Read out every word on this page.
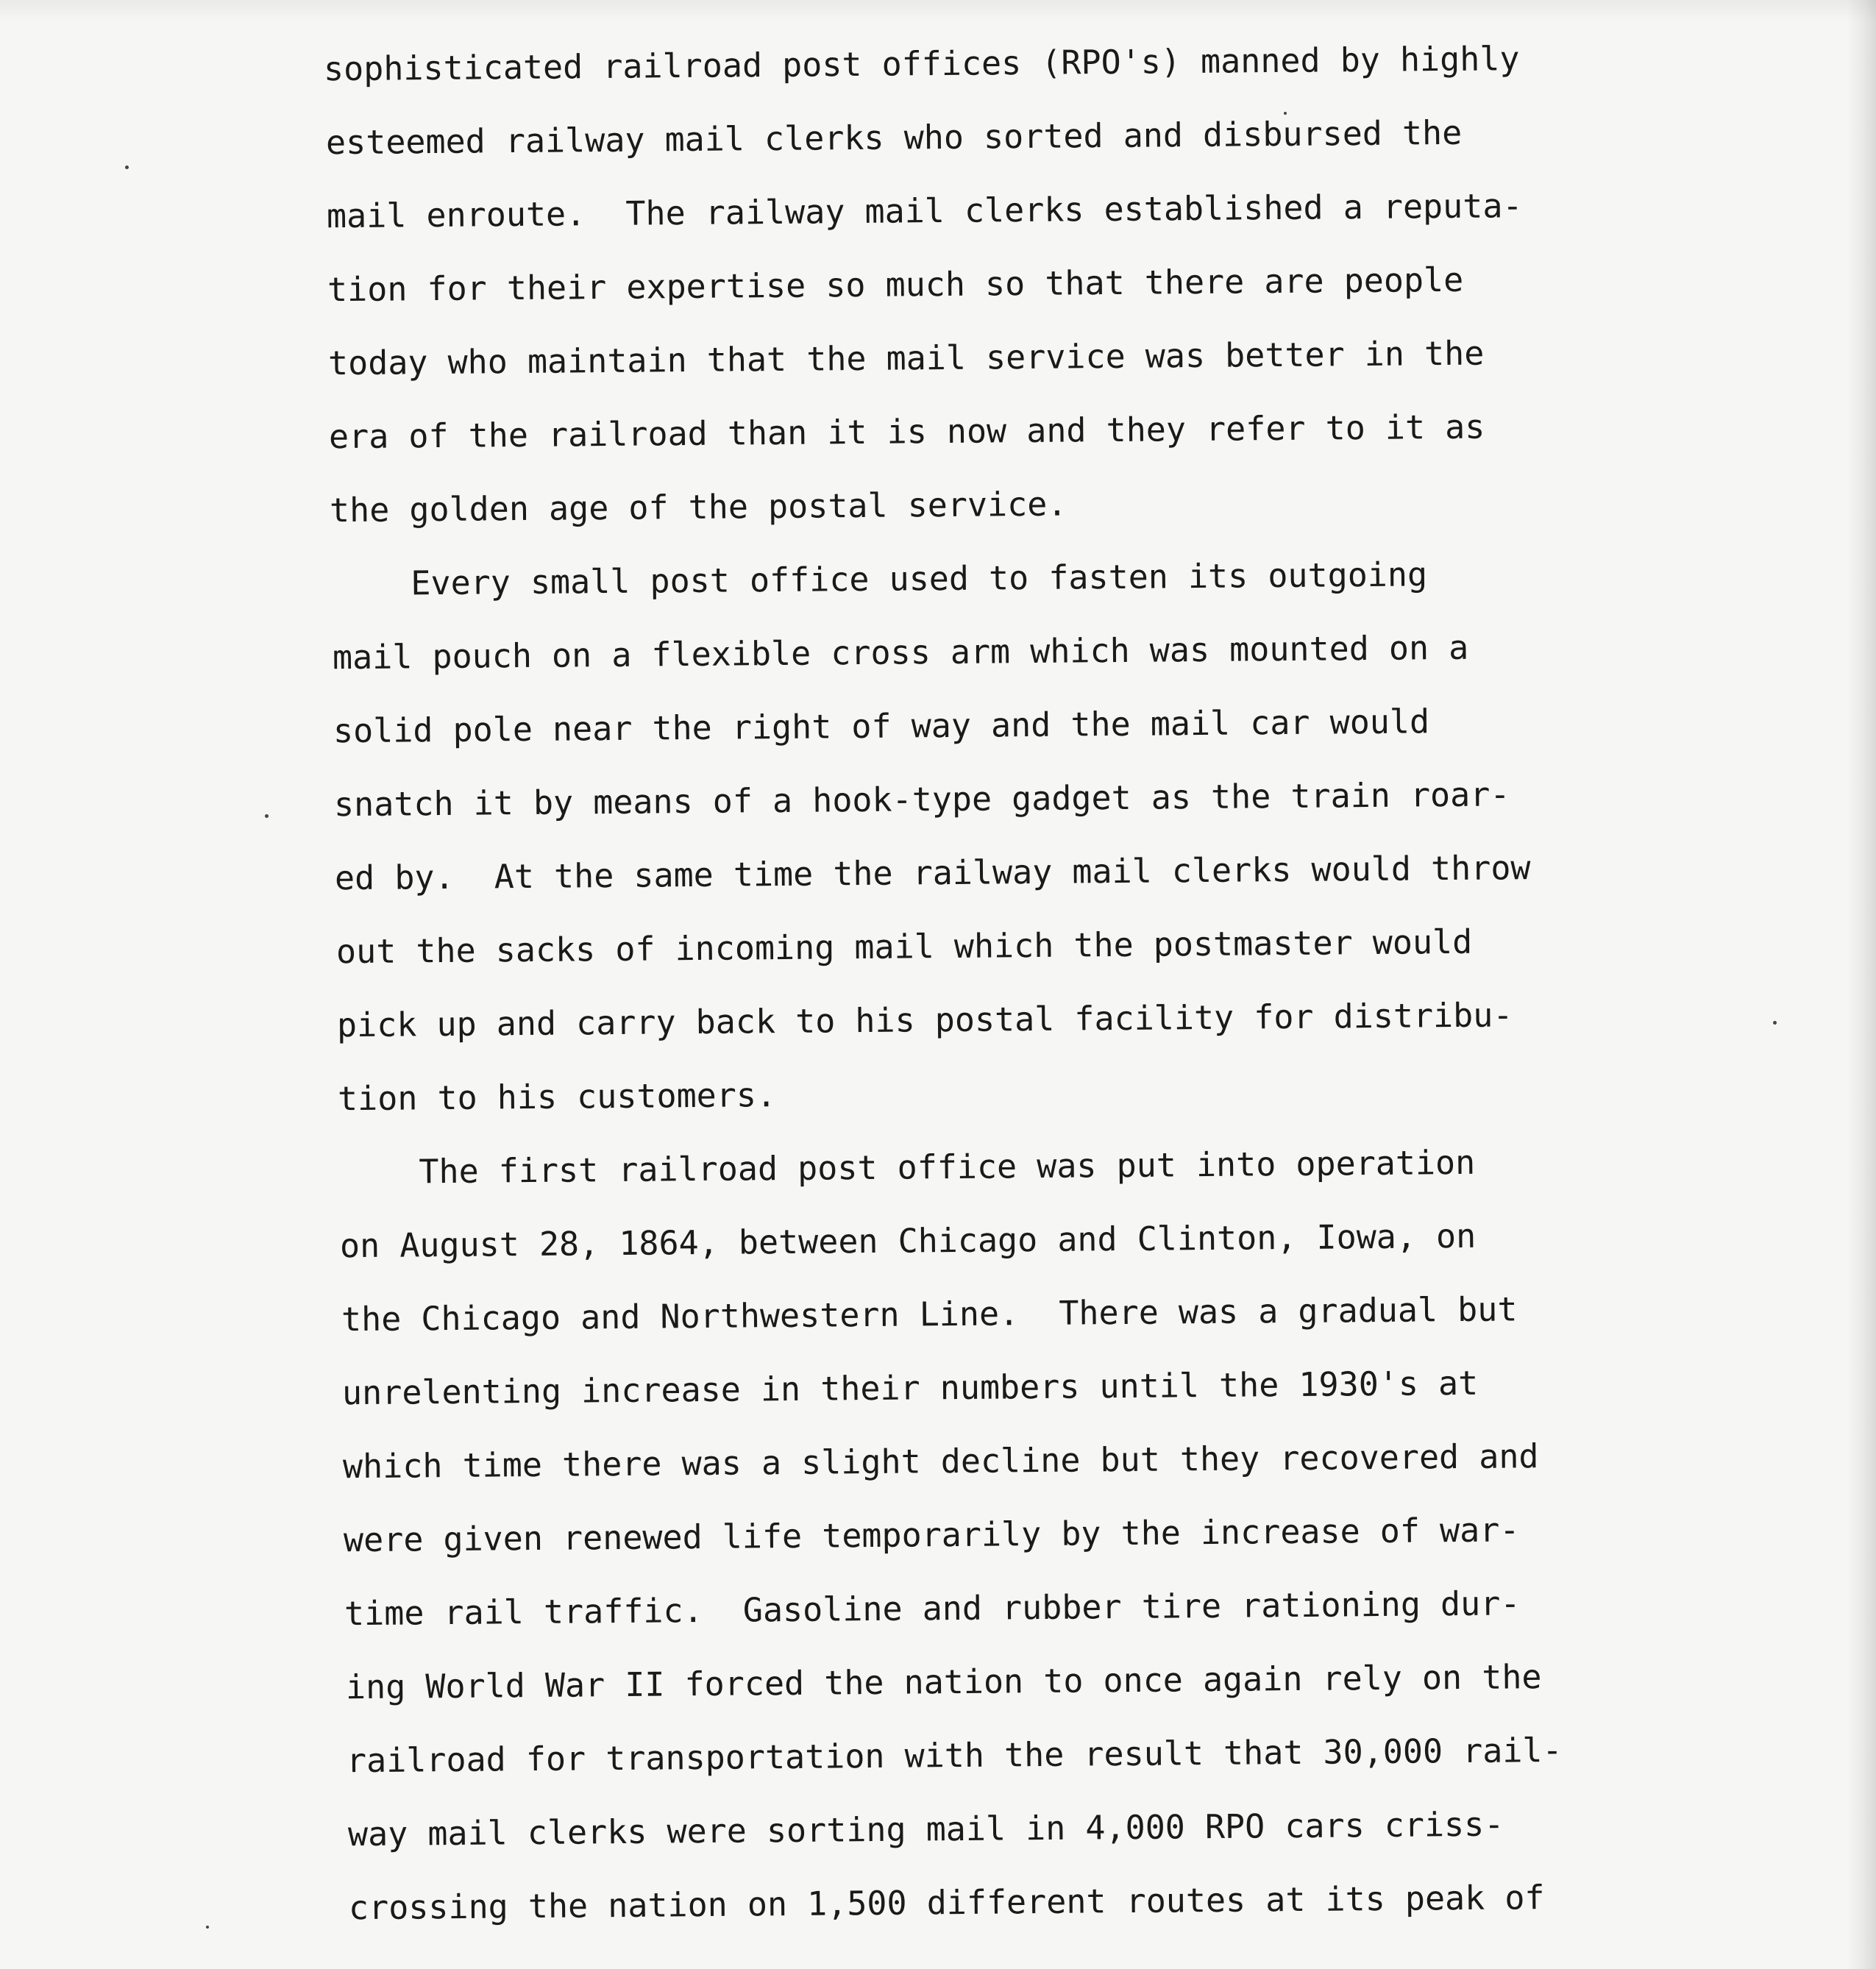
sophisticated railroad post offices (RPO's) manned by highly
esteemed railway mail clerks who sorted and disbursed the
mail enroute.  The railway mail clerks established a reputa-
tion for their expertise so much so that there are people
today who maintain that the mail service was better in the
era of the railroad than it is now and they refer to it as
the golden age of the postal service.
Every small post office used to fasten its outgoing
mail pouch on a flexible cross arm which was mounted on a
solid pole near the right of way and the mail car would
snatch it by means of a hook-type gadget as the train roar-
ed by.  At the same time the railway mail clerks would throw
out the sacks of incoming mail which the postmaster would
pick up and carry back to his postal facility for distribu-
tion to his customers.
The first railroad post office was put into operation
on August 28, 1864, between Chicago and Clinton, Iowa, on
the Chicago and Northwestern Line.  There was a gradual but
unrelenting increase in their numbers until the 1930's at
which time there was a slight decline but they recovered and
were given renewed life temporarily by the increase of war-
time rail traffic.  Gasoline and rubber tire rationing dur-
ing World War II forced the nation to once again rely on the
railroad for transportation with the result that 30,000 rail-
way mail clerks were sorting mail in 4,000 RPO cars criss-
crossing the nation on 1,500 different routes at its peak of
